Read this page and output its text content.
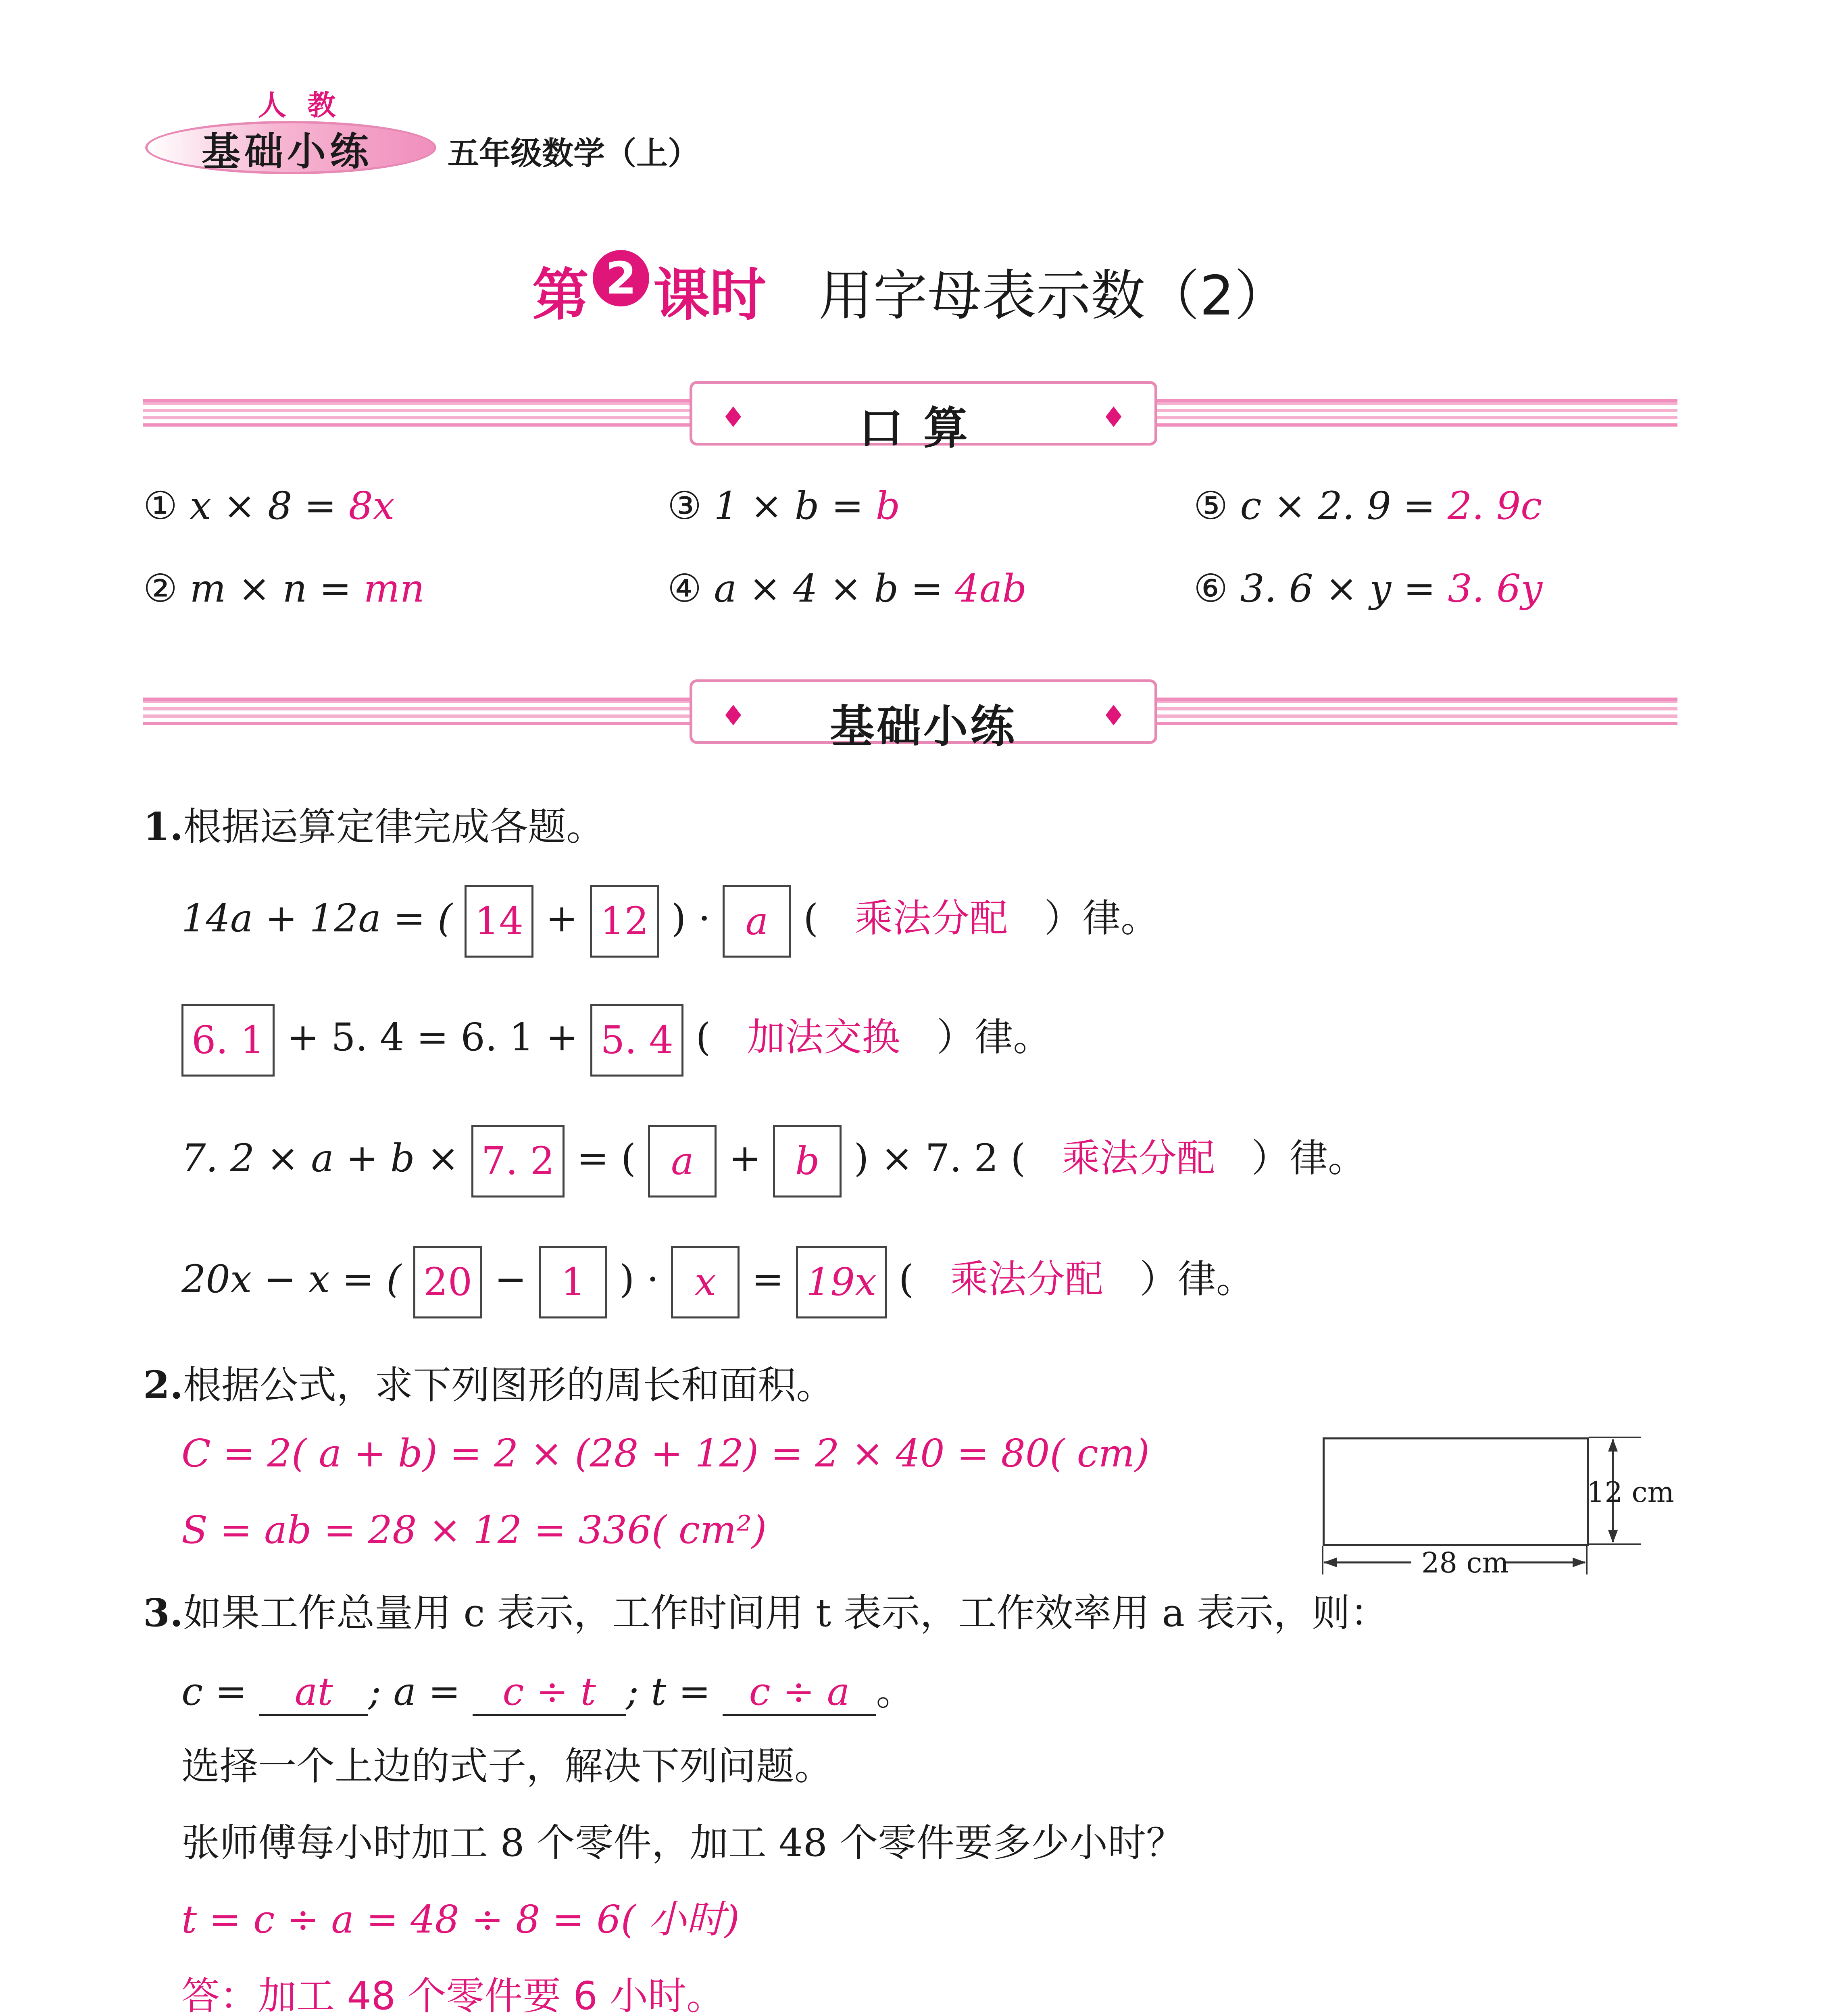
人 教
基础小练 五年级数学（上）
第 2 课时 用字母表示数（2）
♦	口算	♦
① x × 8 = 8x
② m × n = mn
③ 1 × b = b
④ a × 4 × b = 4ab
⑤ c × 2. 9 = 2. 9c
⑥ 3. 6 × y = 3. 6y
♦	基础小练	♦
1.根据运算定律完成各题。
14a + 12a = ( 14 + 12 ) · a ( 乘法分配 ）律。
6. 1 + 5. 4 = 6. 1 + 5. 4 ( 加法交换 ）律。
7. 2 × a + b × 7. 2 = ( a + b ) × 7. 2 ( 乘法分配 ）律。
20x − x = ( 20 − 1 ) · x = 19x ( 乘法分配 ）律。
2.根据公式，求下列图形的周长和面积。
C = 2( a + b) = 2 × (28 + 12) = 2 × 40 = 80( cm)
S = ab = 28 × 12 = 336( cm²)
12 cm
28 cm
3.如果工作总量用 c 表示，工作时间用 t 表示，工作效率用 a 表示，则：
c = at ; a = c ÷ t ; t = c ÷ a 。
选择一个上边的式子，解决下列问题。
张师傅每小时加工 8 个零件，加工 48 个零件要多少小时？
t = c ÷ a = 48 ÷ 8 = 6( 小时)
答：加工 48 个零件要 6 小时。
